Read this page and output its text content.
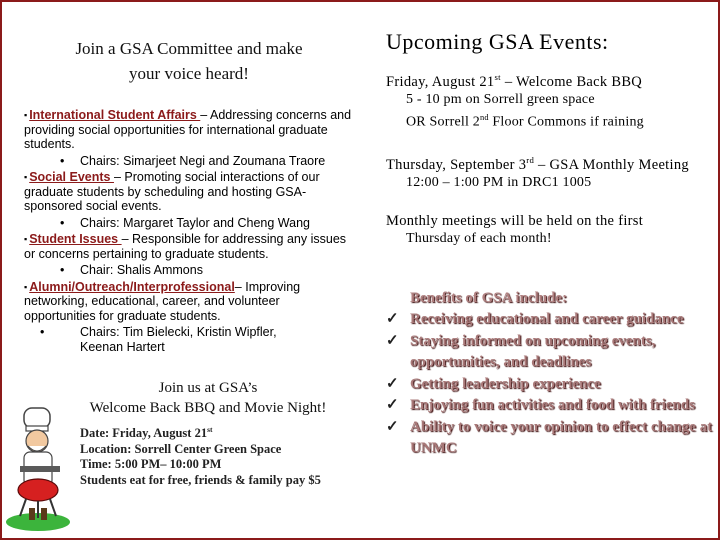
Join a GSA Committee and make
your voice heard!

▪ International Student Affairs – Addressing concerns and providing social opportunities for international graduate students.

• Chairs: Simarjeet Negi and Zoumana Traore

▪ Social Events – Promoting social interactions of our graduate students by scheduling and hosting GSA-sponsored social events.

• Chairs: Margaret Taylor and Cheng Wang

▪ Student Issues – Responsible for addressing any issues or concerns pertaining to graduate students.

• Chair: Shalis Ammons

▪ Alumni/Outreach/Interprofessional– Improving networking, educational, career, and volunteer opportunities for graduate students.

•	Chairs: Tim Bielecki, Kristin Wipfler, Keenan Hartert
Join us at GSA’s
Welcome Back BBQ and Movie Night!
Date: Friday, August 21st
Location: Sorrell Center Green Space
Time: 5:00 PM– 10:00 PM
Students eat for free, friends & family pay $5
Upcoming GSA Events:
Friday, August 21st – Welcome Back BBQ
5 - 10 pm on Sorrell green space
OR Sorrell 2nd Floor Commons if raining
Thursday, September 3rd – GSA Monthly Meeting
12:00 – 1:00 PM in DRC1 1005
Monthly meetings will be held on the first
Thursday of each month!
Benefits of GSA include:
✓ Receiving educational and career guidance
✓ Staying informed on upcoming events, opportunities, and deadlines
✓ Getting leadership experience
✓ Enjoying fun activities and food with friends
✓ Ability to voice your opinion to effect change at UNMC
